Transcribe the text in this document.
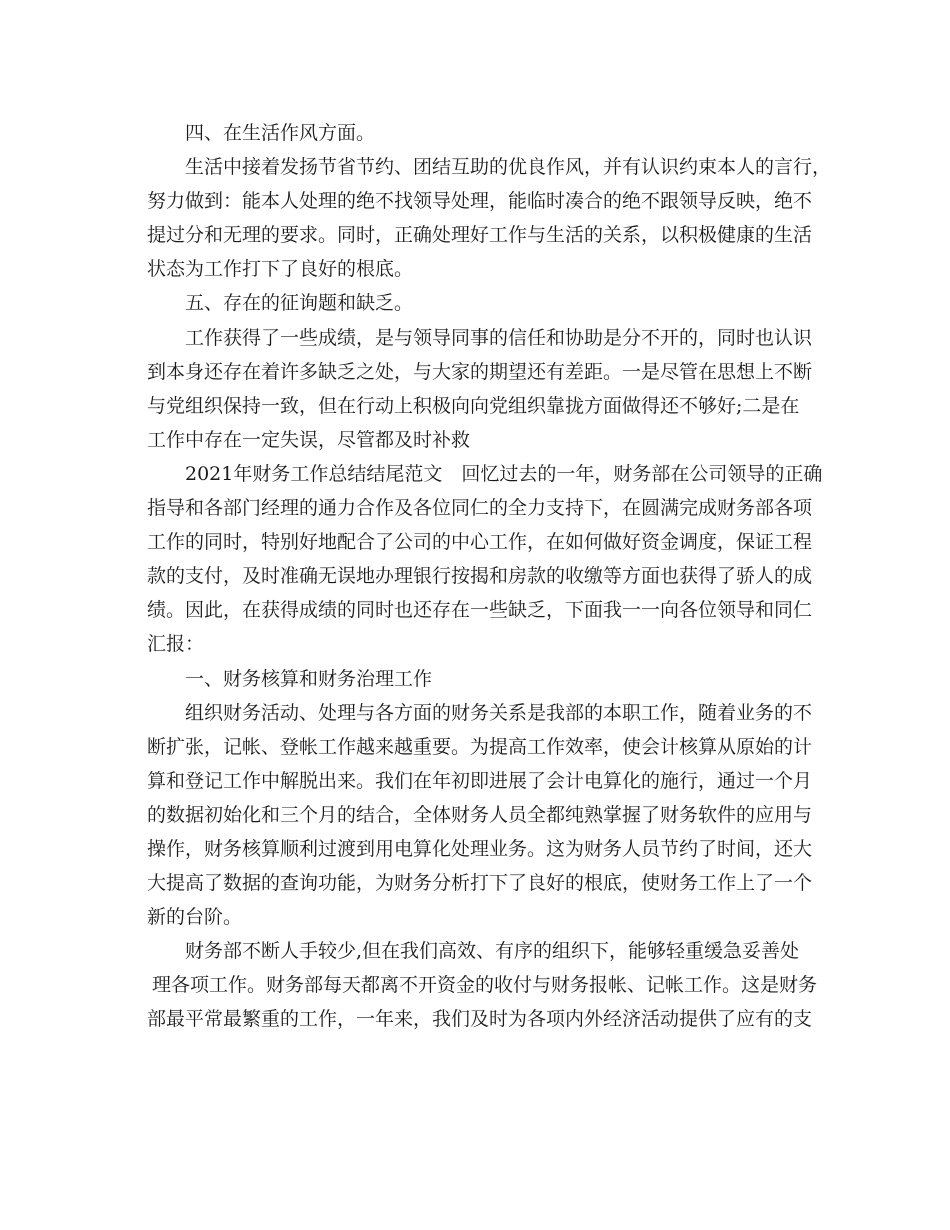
四、在生活作风方面。
生活中接着发扬节省节约、团结互助的优良作风，并有认识约束本人的言行，
努力做到：能本人处理的绝不找领导处理，能临时凑合的绝不跟领导反映，绝不
提过分和无理的要求。同时，正确处理好工作与生活的关系，以积极健康的生活
状态为工作打下了良好的根底。
五、存在的征询题和缺乏。
工作获得了一些成绩，是与领导同事的信任和协助是分不开的，同时也认识
到本身还存在着许多缺乏之处，与大家的期望还有差距。一是尽管在思想上不断
与党组织保持一致，但在行动上积极向向党组织靠拢方面做得还不够好;二是在
工作中存在一定失误，尽管都及时补救
2021年财务工作总结结尾范文　回忆过去的一年，财务部在公司领导的正确
指导和各部门经理的通力合作及各位同仁的全力支持下，在圆满完成财务部各项
工作的同时，特别好地配合了公司的中心工作，在如何做好资金调度，保证工程
款的支付，及时准确无误地办理银行按揭和房款的收缴等方面也获得了骄人的成
绩。因此，在获得成绩的同时也还存在一些缺乏，下面我一一向各位领导和同仁
汇报：
一、财务核算和财务治理工作
组织财务活动、处理与各方面的财务关系是我部的本职工作，随着业务的不
断扩张，记帐、登帐工作越来越重要。为提高工作效率，使会计核算从原始的计
算和登记工作中解脱出来。我们在年初即进展了会计电算化的施行，通过一个月
的数据初始化和三个月的结合，全体财务人员全都纯熟掌握了财务软件的应用与
操作，财务核算顺利过渡到用电算化处理业务。这为财务人员节约了时间，还大
大提高了数据的查询功能，为财务分析打下了良好的根底，使财务工作上了一个
新的台阶。
财务部不断人手较少,但在我们高效、有序的组织下，能够轻重缓急妥善处
理各项工作。财务部每天都离不开资金的收付与财务报帐、记帐工作。这是财务
部最平常最繁重的工作，一年来，我们及时为各项内外经济活动提供了应有的支
